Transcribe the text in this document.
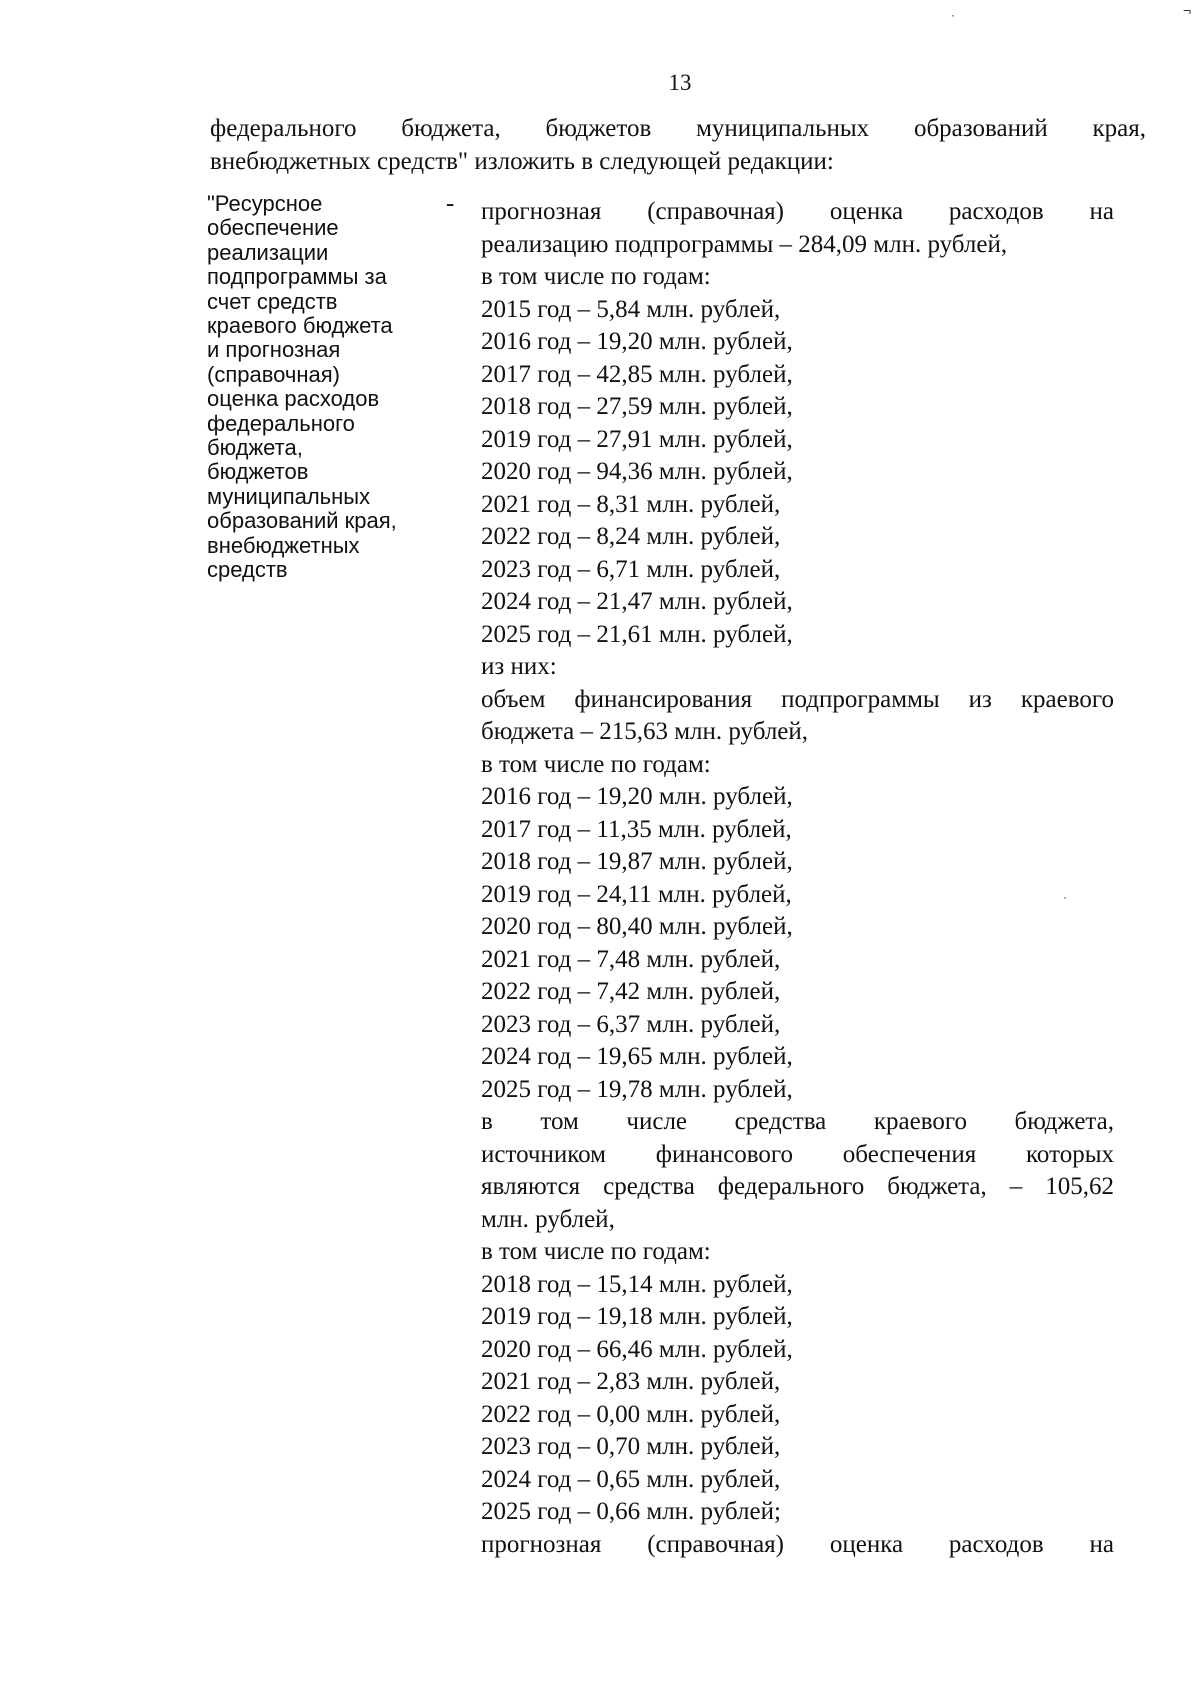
13
федерального бюджета, бюджетов муниципальных образований края,
внебюджетных средств" изложить в следующей редакции:
"Ресурсное
обеспечение
реализации
подпрограммы за
счет средств
краевого бюджета
и прогнозная
(справочная)
оценка расходов
федерального
бюджета,
бюджетов
муниципальных
образований края,
внебюджетных
средств
- прогнозная (справочная) оценка расходов на
реализацию подпрограммы – 284,09 млн. рублей,
в том числе по годам:
2015 год – 5,84 млн. рублей,
2016 год – 19,20 млн. рублей,
2017 год – 42,85 млн. рублей,
2018 год – 27,59 млн. рублей,
2019 год – 27,91 млн. рублей,
2020 год – 94,36 млн. рублей,
2021 год – 8,31 млн. рублей,
2022 год – 8,24 млн. рублей,
2023 год – 6,71 млн. рублей,
2024 год – 21,47 млн. рублей,
2025 год – 21,61 млн. рублей,
из них:
объем финансирования подпрограммы из краевого
бюджета – 215,63 млн. рублей,
в том числе по годам:
2016 год – 19,20 млн. рублей,
2017 год – 11,35 млн. рублей,
2018 год – 19,87 млн. рублей,
2019 год – 24,11 млн. рублей,
2020 год – 80,40 млн. рублей,
2021 год – 7,48 млн. рублей,
2022 год – 7,42 млн. рублей,
2023 год – 6,37 млн. рублей,
2024 год – 19,65 млн. рублей,
2025 год – 19,78 млн. рублей,
в том числе средства краевого бюджета,
источником финансового обеспечения которых
являются средства федерального бюджета, – 105,62
млн. рублей,
в том числе по годам:
2018 год – 15,14 млн. рублей,
2019 год – 19,18 млн. рублей,
2020 год – 66,46 млн. рублей,
2021 год – 2,83 млн. рублей,
2022 год – 0,00 млн. рублей,
2023 год – 0,70 млн. рублей,
2024 год – 0,65 млн. рублей,
2025 год – 0,66 млн. рублей;
прогнозная (справочная) оценка расходов на
¬
·
·
